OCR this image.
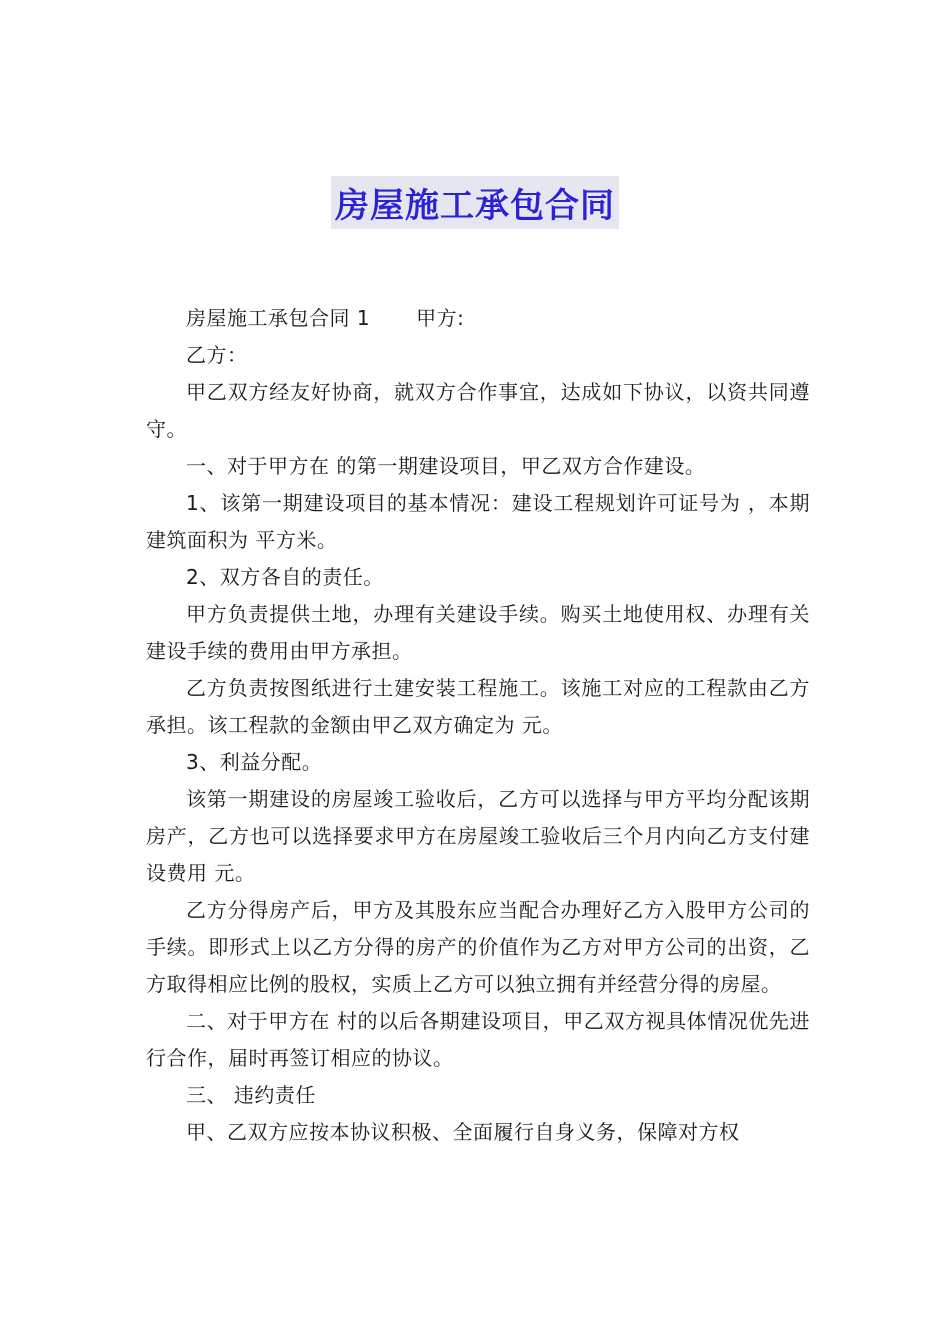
房屋施工承包合同

房屋施工承包合同 1 甲方:

乙方：

甲乙双方经友好协商，就双方合作事宜，达成如下协议，以资共同遵守。

一、对于甲方在 的第一期建设项目，甲乙双方合作建设。

1、该第一期建设项目的基本情况：建设工程规划许可证号为 ，本期建筑面积为 平方米。

2、双方各自的责任。

甲方负责提供土地，办理有关建设手续。购买土地使用权、办理有关建设手续的费用由甲方承担。

乙方负责按图纸进行土建安装工程施工。该施工对应的工程款由乙方承担。该工程款的金额由甲乙双方确定为 元。

3、利益分配。

该第一期建设的房屋竣工验收后，乙方可以选择与甲方平均分配该期房产，乙方也可以选择要求甲方在房屋竣工验收后三个月内向乙方支付建设费用 元。

乙方分得房产后，甲方及其股东应当配合办理好乙方入股甲方公司的手续。即形式上以乙方分得的房产的价值作为乙方对甲方公司的出资，乙方取得相应比例的股权，实质上乙方可以独立拥有并经营分得的房屋。

二、对于甲方在 村的以后各期建设项目，甲乙双方视具体情况优先进行合作，届时再签订相应的协议。

三、 违约责任

甲、乙双方应按本协议积极、全面履行自身义务，保障对方权
